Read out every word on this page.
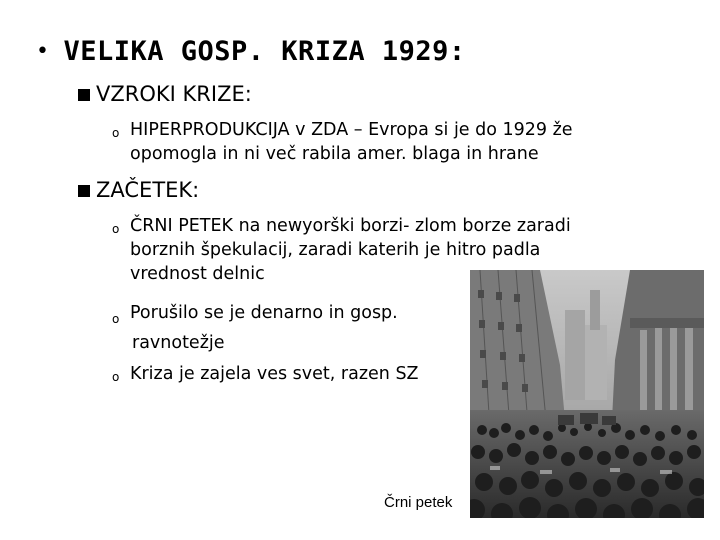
• VELIKA GOSP. KRIZA 1929:
VZROKI KRIZE:
o HIPERPRODUKCIJA v ZDA – Evropa si je do 1929 že
opomogla in ni več rabila amer. blaga in hrane
ZAČETEK:
o ČRNI PETEK na newyorški borzi- zlom borze zaradi
borznih špekulacij, zaradi katerih je hitro padla
vrednost delnic
o Porušilo se je denarno in gosp.
ravnotežje
o Kriza je zajela ves svet, razen SZ
Črni petek
